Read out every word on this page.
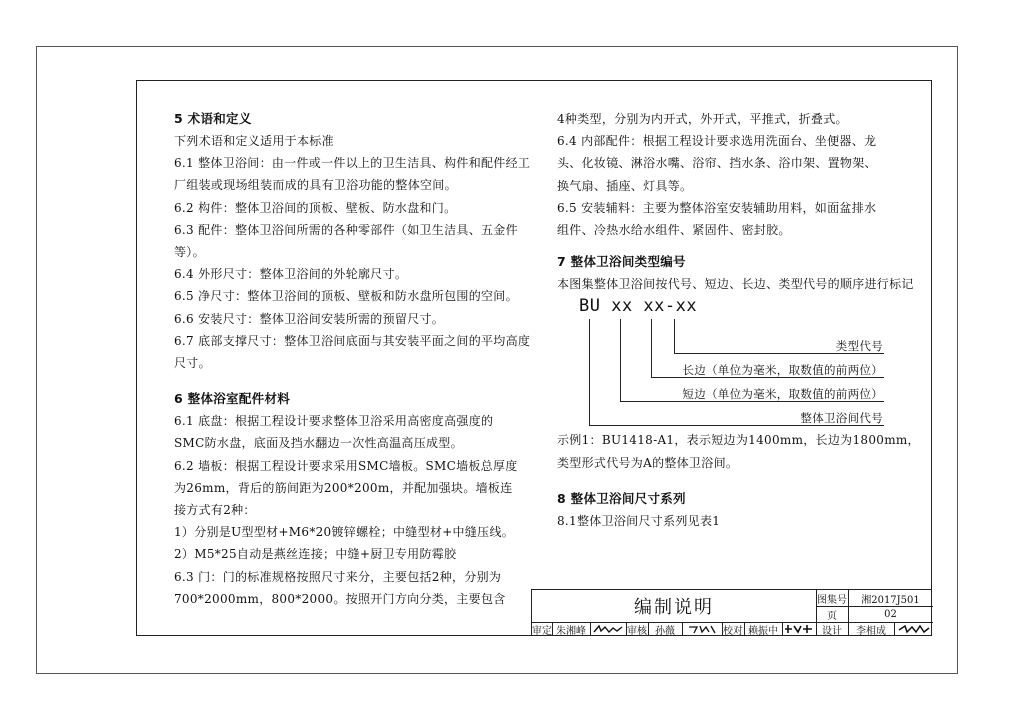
5 术语和定义

下列术语和定义适用于本标准

6.1 整体卫浴间：由一件或一件以上的卫生洁具、构件和配件经工

厂组装或现场组装而成的具有卫浴功能的整体空间。

6.2 构件：整体卫浴间的顶板、壁板、防水盘和门。

6.3 配件：整体卫浴间所需的各种零部件（如卫生洁具、五金件

等）。

6.4 外形尺寸：整体卫浴间的外轮廓尺寸。

6.5 净尺寸：整体卫浴间的顶板、壁板和防水盘所包围的空间。

6.6 安装尺寸：整体卫浴间安装所需的预留尺寸。

6.7 底部支撑尺寸：整体卫浴间底面与其安装平面之间的平均高度

尺寸。

6 整体浴室配件材料

6.1 底盘：根据工程设计要求整体卫浴采用高密度高强度的

SMC防水盘，底面及挡水翻边一次性高温高压成型。

6.2 墙板：根据工程设计要求采用SMC墙板。SMC墙板总厚度

为26mm，背后的筋间距为200*200m，并配加强块。墙板连

接方式有2种：

1）分别是U型型材+M6*20镀锌螺栓；中缝型材+中缝压线。

2）M5*25自动是燕丝连接；中缝+厨卫专用防霉胶

6.3 门：门的标准规格按照尺寸来分，主要包括2种，分别为

700*2000mm，800*2000。按照开门方向分类，主要包含

4种类型，分别为内开式，外开式，平推式，折叠式。

6.4 内部配件：根据工程设计要求选用洗面台、坐便器、龙

头、化妆镜、淋浴水嘴、浴帘、挡水条、浴巾架、置物架、

换气扇、插座、灯具等。

6.5 安装辅料：主要为整体浴室安装辅助用料，如面盆排水

组件、冷热水给水组件、紧固件、密封胶。

7 整体卫浴间类型编号

本图集整体卫浴间按代号、短边、长边、类型代号的顺序进行标记

BU xx xx-xx
类型代号
长边（单位为毫米，取数值的前两位）
短边（单位为毫米，取数值的前两位）
整体卫浴间代号

示例1：BU1418-A1，表示短边为1400mm，长边为1800mm，

类型形式代号为A的整体卫浴间。

8 整体卫浴间尺寸系列

8.1整体卫浴间尺寸系列见表1

编制说明	图集号	湘2017J501
页	02
审定 朱湘峰	审核 孙薇	校对 赖振中	设计	李相成
